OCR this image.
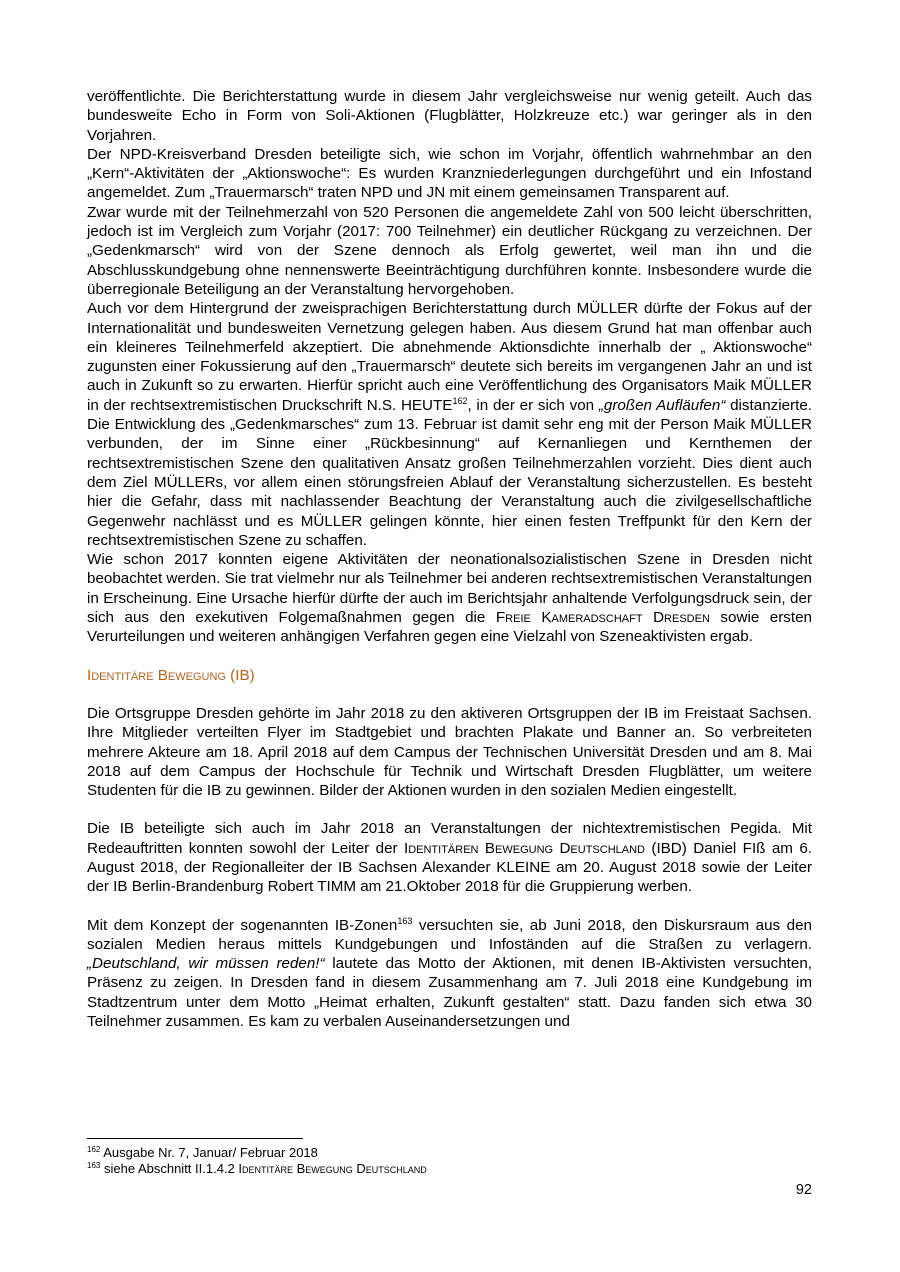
veröffentlichte. Die Berichterstattung wurde in diesem Jahr vergleichsweise nur wenig geteilt. Auch das bundesweite Echo in Form von Soli-Aktionen (Flugblätter, Holzkreuze etc.) war geringer als in den Vorjahren.

Der NPD-Kreisverband Dresden beteiligte sich, wie schon im Vorjahr, öffentlich wahrnehmbar an den „Kern“-Aktivitäten der „Aktionswoche“: Es wurden Kranzniederlegungen durchgeführt und ein Infostand angemeldet. Zum „Trauermarsch“ traten NPD und JN mit einem gemeinsamen Transparent auf.

Zwar wurde mit der Teilnehmerzahl von 520 Personen die angemeldete Zahl von 500 leicht überschritten, jedoch ist im Vergleich zum Vorjahr (2017: 700 Teilnehmer) ein deutlicher Rückgang zu verzeichnen. Der „Gedenkmarsch“ wird von der Szene dennoch als Erfolg gewertet, weil man ihn und die Abschlusskundgebung ohne nennenswerte Beeinträchtigung durchführen konnte. Insbesondere wurde die überregionale Beteiligung an der Veranstaltung hervorgehoben.

Auch vor dem Hintergrund der zweisprachigen Berichterstattung durch MÜLLER dürfte der Fokus auf der Internationalität und bundesweiten Vernetzung gelegen haben. Aus diesem Grund hat man offenbar auch ein kleineres Teilnehmerfeld akzeptiert. Die abnehmende Aktionsdichte innerhalb der „ Aktionswoche“ zugunsten einer Fokussierung auf den „Trauermarsch“ deutete sich bereits im vergangenen Jahr an und ist auch in Zukunft so zu erwarten. Hierfür spricht auch eine Veröffentlichung des Organisators Maik MÜLLER in der rechtsextremistischen Druckschrift N.S. HEUTE$^{162}$, in der er sich von „großen Aufläufen“ distanzierte. Die Entwicklung des „Gedenkmarsches“ zum 13. Februar ist damit sehr eng mit der Person Maik MÜLLER verbunden, der im Sinne einer „Rückbesinnung“ auf Kernanliegen und Kernthemen der rechtsextremistischen Szene den qualitativen Ansatz großen Teilnehmerzahlen vorzieht. Dies dient auch dem Ziel MÜLLERs, vor allem einen störungsfreien Ablauf der Veranstaltung sicherzustellen. Es besteht hier die Gefahr, dass mit nachlassender Beachtung der Veranstaltung auch die zivilgesellschaftliche Gegenwehr nachlässt und es MÜLLER gelingen könnte, hier einen festen Treffpunkt für den Kern der rechtsextremistischen Szene zu schaffen.

Wie schon 2017 konnten eigene Aktivitäten der neonationalsozialistischen Szene in Dresden nicht beobachtet werden. Sie trat vielmehr nur als Teilnehmer bei anderen rechtsextremistischen Veranstaltungen in Erscheinung. Eine Ursache hierfür dürfte der auch im Berichtsjahr anhaltende Verfolgungsdruck sein, der sich aus den exekutiven Folgemaßnahmen gegen die Freie Kameradschaft Dresden sowie ersten Verurteilungen und weiteren anhängigen Verfahren gegen eine Vielzahl von Szeneaktivisten ergab.

Identitäre Bewegung (IB)

Die Ortsgruppe Dresden gehörte im Jahr 2018 zu den aktiveren Ortsgruppen der IB im Freistaat Sachsen. Ihre Mitglieder verteilten Flyer im Stadtgebiet und brachten Plakate und Banner an. So verbreiteten mehrere Akteure am 18. April 2018 auf dem Campus der Technischen Universität Dresden und am 8. Mai 2018 auf dem Campus der Hochschule für Technik und Wirtschaft Dresden Flugblätter, um weitere Studenten für die IB zu gewinnen. Bilder der Aktionen wurden in den sozialen Medien eingestellt.

Die IB beteiligte sich auch im Jahr 2018 an Veranstaltungen der nichtextremistischen Pegida. Mit Redeauftritten konnten sowohl der Leiter der Identitären Bewegung Deutschland (IBD) Daniel FIß am 6. August 2018, der Regionalleiter der IB Sachsen Alexander KLEINE am 20. August 2018 sowie der Leiter der IB Berlin-Brandenburg Robert TIMM am 21.Oktober 2018 für die Gruppierung werben.

Mit dem Konzept der sogenannten IB-Zonen$^{163}$ versuchten sie, ab Juni 2018, den Diskursraum aus den sozialen Medien heraus mittels Kundgebungen und Infoständen auf die Straßen zu verlagern. „Deutschland, wir müssen reden!“ lautete das Motto der Aktionen, mit denen IB-Aktivisten versuchten, Präsenz zu zeigen. In Dresden fand in diesem Zusammenhang am 7. Juli 2018 eine Kundgebung im Stadtzentrum unter dem Motto „Heimat erhalten, Zukunft gestalten“ statt. Dazu fanden sich etwa 30 Teilnehmer zusammen. Es kam zu verbalen Auseinandersetzungen und

$^{162}$ Ausgabe Nr. 7, Januar/ Februar 2018
$^{163}$ siehe Abschnitt II.1.4.2 Identitäre Bewegung Deutschland
92
